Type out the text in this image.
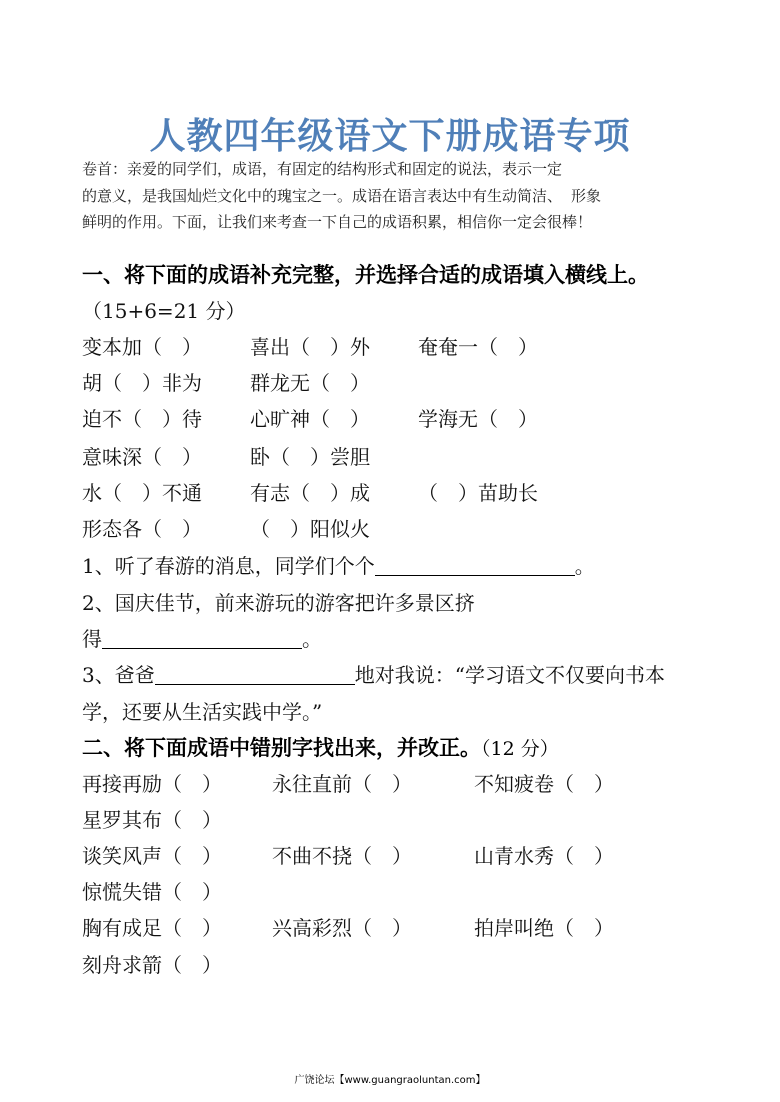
人教四年级语文下册成语专项
卷首：亲爱的同学们，成语，有固定的结构形式和固定的说法，表示一定
的意义，是我国灿烂文化中的瑰宝之一。成语在语言表达中有生动简洁、 形象
鲜明的作用。下面，让我们来考查一下自己的成语积累，相信你一定会很棒！
一、将下面的成语补充完整，并选择合适的成语填入横线上。
（15+6=21 分）
变本加（　） 喜出（　）外 奄奄一（　）
胡（　）非为 群龙无（　）
迫不（　）待 心旷神（　） 学海无（　）
意味深（　） 卧（　）尝胆
水（　）不通 有志（　）成 （　）苗助长
形态各（　） （　）阳似火
1、听了春游的消息，同学们个个	。
2、国庆佳节，前来游玩的游客把许多景区挤
得	。
3、爸爸	地对我说：“学习语文不仅要向书本
学，还要从生活实践中学。”
二、将下面成语中错别字找出来，并改正。（12 分）
再接再励（　）	永往直前（　）	不知疲卷（　）
星罗其布（　）
谈笑风声（　）	不曲不挠（　）	山青水秀（　）
惊慌失错（　）
胸有成足（　）	兴高彩烈（　）	拍岸叫绝（　）
刻舟求箭（　）
广饶论坛【www.guangraoluntan.com】
